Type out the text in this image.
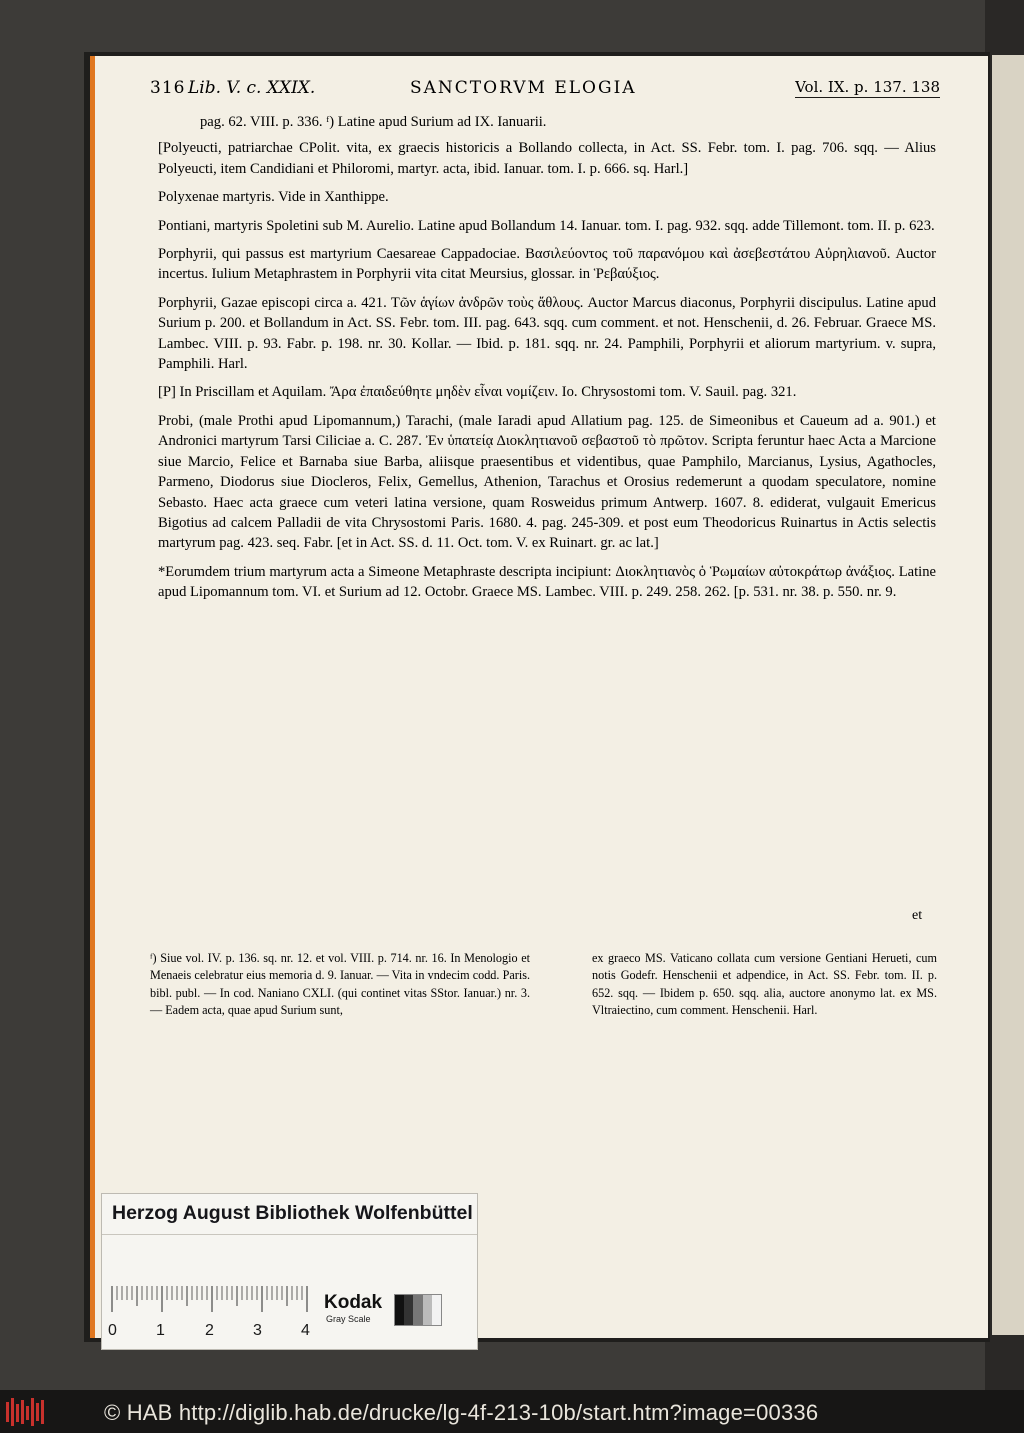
316 Lib. V. c. XXIX.	SANCTORVM ELOGIA	Vol. IX. p. 137. 138

pag. 62. VIII. p. 336. ᶠ) Latine apud Surium ad IX. Ianuarii.

[Polyeucti, patriarchae CPolit. vita, ex graecis historicis a Bollando collecta, in Act. SS. Febr. tom. I. pag. 706. sqq. — Alius Polyeucti, item Candidiani et Philoromi, martyr. acta, ibid. Ianuar. tom. I. p. 666. sq. Harl.]

Polyxenae martyris. Vide in Xanthippe.

Pontiani, martyris Spoletini sub M. Aurelio. Latine apud Bollandum 14. Ianuar. tom. I. pag. 932. sqq. adde Tillemont. tom. II. p. 623.

Porphyrii, qui passus est martyrium Caesareae Cappadociae. Βασιλεύοντος τοῦ παρανόμου καὶ ἀσεβεστάτου Αὐρηλιανοῦ. Auctor incertus. Iulium Metaphrastem in Porphyrii vita citat Meursius, glossar. in Ῥεβαύξιος.

Porphyrii, Gazae episcopi circa a. 421. Τῶν ἁγίων ἀνδρῶν τοὺς ἄθλους. Auctor Marcus diaconus, Porphyrii discipulus. Latine apud Surium p. 200. et Bollandum in Act. SS. Febr. tom. III. pag. 643. sqq. cum comment. et not. Henschenii, d. 26. Februar. Graece MS. Lambec. VIII. p. 93. Fabr. p. 198. nr. 30. Kollar. — Ibid. p. 181. sqq. nr. 24. Pamphili, Porphyrii et aliorum martyrium. v. supra, Pamphili. Harl.

[P] In Priscillam et Aquilam. Ἄρα ἐπαιδεύθητε μηδὲν εἶναι νομίζειν. Io. Chrysostomi tom. V. Sauil. pag. 321.

Probi, (male Prothi apud Lipomannum,) Tarachi, (male Iaradi apud Allatium pag. 125. de Simeonibus et Caueum ad a. 901.) et Andronici martyrum Tarsi Ciliciae a. C. 287. Ἐν ὑπατείᾳ Διοκλητιανοῦ σεβαστοῦ τὸ πρῶτον. Scripta feruntur haec Acta a Marcione siue Marcio, Felice et Barnaba siue Barba, aliisque praesentibus et videntibus, quae Pamphilo, Marcianus, Lysius, Agathocles, Parmeno, Diodorus siue Diocleros, Felix, Gemellus, Athenion, Tarachus et Orosius redemerunt a quodam speculatore, nomine Sebasto. Haec acta graece cum veteri latina versione, quam Rosweidus primum Antwerp. 1607. 8. ediderat, vulgauit Emericus Bigotius ad calcem Palladii de vita Chrysostomi Paris. 1680. 4. pag. 245-309. et post eum Theodoricus Ruinartus in Actis selectis martyrum pag. 423. seq. Fabr. [et in Act. SS. d. 11. Oct. tom. V. ex Ruinart. gr. ac lat.]

*Eorumdem trium martyrum acta a Simeone Metaphraste descripta incipiunt: Διοκλητιανὸς ὁ Ῥωμαίων αὐτοκράτωρ ἀνάξιος. Latine apud Lipomannum tom. VI. et Surium ad 12. Octobr. Graece MS. Lambec. VIII. p. 249. 258. 262. [p. 531. nr. 38. p. 550. nr. 9.

et
ᶠ) Siue vol. IV. p. 136. sq. nr. 12. et vol. VIII. p. 714. nr. 16. In Menologio et Menaeis celebratur eius memoria d. 9. Ianuar. — Vita in vndecim codd. Paris. bibl. publ. — In cod. Naniano CXLI. (qui continet vitas SStor. Ianuar.) nr. 3. — Eadem acta, quae apud Surium sunt,
ex graeco MS. Vaticano collata cum versione Gentiani Herueti, cum notis Godefr. Henschenii et adpendice, in Act. SS. Febr. tom. II. p. 652. sqq. — Ibidem p. 650. sqq. alia, auctore anonymo lat. ex MS. Vltraiectino, cum comment. Henschenii. Harl.
Herzog August Bibliothek Wolfenbüttel
0 1	2 3 4
Kodak
Gray Scale
© HAB http://diglib.hab.de/drucke/lg-4f-213-10b/start.htm?image=00336
